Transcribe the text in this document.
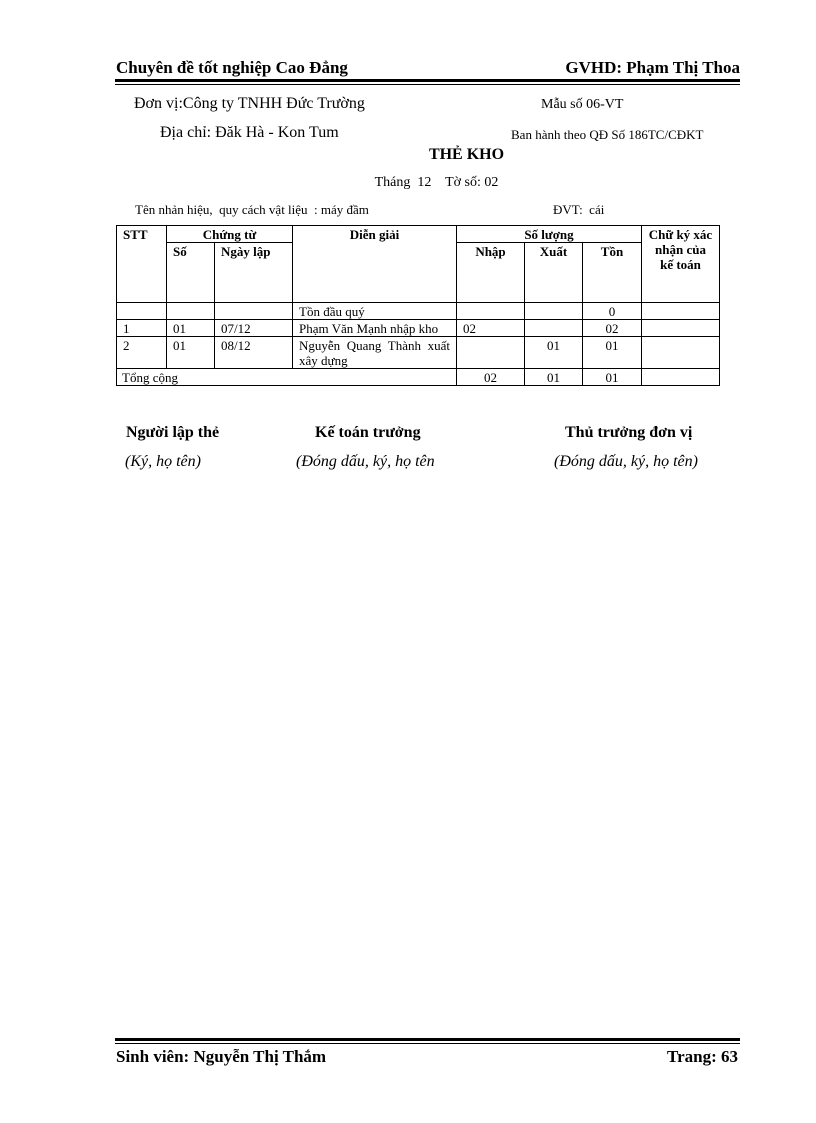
Chuyên đề tốt nghiệp Cao Đẳng	GVHD: Phạm Thị Thoa
Đơn vị:Công ty TNHH Đức Trường	Mẫu số 06-VT
Địa chỉ: Đăk Hà - Kon Tum	Ban hành theo QĐ Số 186TC/CĐKT
THẺ KHO
Tháng  12    Tờ số: 02
Tên nhản hiệu,  quy cách vật liệu  : máy đầm	ĐVT:  cái
STT	Chứng từ		Diễn giải	Số lượng			Chữ ký xác nhận của kế toán
	Số	Ngày lập		Nhập	Xuất	Tồn	
			Tồn đầu quý			0	
1	01	07/12	Phạm Văn Mạnh nhập kho	02		02	
2	01	08/12	Nguyễn Quang Thành xuất xây dựng		01	01	
Tổng cộng				02	01	01	
Người lập thẻ	Kế toán trưởng	Thủ trưởng đơn vị
(Ký, họ tên)	(Đóng dấu, ký, họ tên	(Đóng dấu, ký, họ tên)
Sinh viên: Nguyễn Thị Thắm	Trang: 63
